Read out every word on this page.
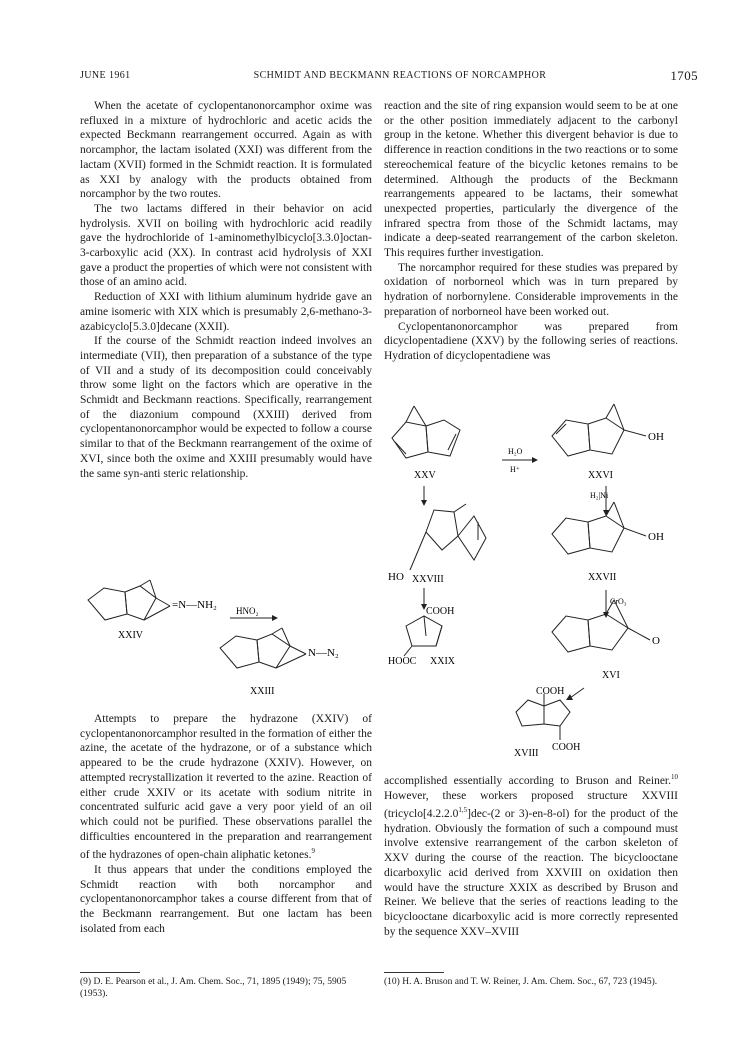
JUNE 1961	SCHMIDT AND BECKMANN REACTIONS OF NORCAMPHOR	1705

When the acetate of cyclopentanonorcamphor oxime was refluxed in a mixture of hydrochloric and acetic acids the expected Beckmann rearrangement occurred. Again as with norcamphor, the lactam isolated (XXI) was different from the lactam (XVII) formed in the Schmidt reaction. It is formulated as XXI by analogy with the products obtained from norcamphor by the two routes.

The two lactams differed in their behavior on acid hydrolysis. XVII on boiling with hydrochloric acid readily gave the hydrochloride of 1-aminomethylbicyclo[3.3.0]octan-3-carboxylic acid (XX). In contrast acid hydrolysis of XXI gave a product the properties of which were not consistent with those of an amino acid.

Reduction of XXI with lithium aluminum hydride gave an amine isomeric with XIX which is presumably 2,6-methano-3-azabicyclo[5.3.0]decane (XXII).

If the course of the Schmidt reaction indeed involves an intermediate (VII), then preparation of a substance of the type of VII and a study of its decomposition could conceivably throw some light on the factors which are operative in the Schmidt and Beckmann reactions. Specifically, rearrangement of the diazonium compound (XXIII) derived from cyclopentanonorcamphor would be expected to follow a course similar to that of the Beckmann rearrangement of the oxime of XVI, since both the oxime and XXIII presumably would have the same syn-anti steric relationship.

=N—NH₂
XXIV
HNO₂
N—N₂
XXIII

Attempts to prepare the hydrazone (XXIV) of cyclopentanonorcamphor resulted in the formation of either the azine, the acetate of the hydrazone, or of a substance which appeared to be the crude hydrazone (XXIV). However, on attempted recrystallization it reverted to the azine. Reaction of either crude XXIV or its acetate with sodium nitrite in concentrated sulfuric acid gave a very poor yield of an oil which could not be purified. These observations parallel the difficulties encountered in the preparation and rearrangement of the hydrazones of open-chain aliphatic ketones.$^9$

It thus appears that under the conditions employed the Schmidt reaction with both norcamphor and cyclopentanonorcamphor takes a course different from that of the Beckmann rearrangement. But one lactam has been isolated from each

reaction and the site of ring expansion would seem to be at one or the other position immediately adjacent to the carbonyl group in the ketone. Whether this divergent behavior is due to difference in reaction conditions in the two reactions or to some stereochemical feature of the bicyclic ketones remains to be determined. Although the products of the Beckmann rearrangements appeared to be lactams, their somewhat unexpected properties, particularly the divergence of the infrared spectra from those of the Schmidt lactams, may indicate a deep-seated rearrangement of the carbon skeleton. This requires further investigation.

The norcamphor required for these studies was prepared by oxidation of norborneol which was in turn prepared by hydration of norbornylene. Considerable improvements in the preparation of norborneol have been worked out.

Cyclopentanonorcamphor was prepared from dicyclopentadiene (XXV) by the following series of reactions. Hydration of dicyclopentadiene was

XXV
H₂O
H⁺
OH
XXVI
H₂|Ni
HO XXVIII
OH
XXVII
COOH
HOOC XXIX
CrO₃
O
XVI
COOH
COOH
XVIII

accomplished essentially according to Bruson and Reiner.$^{10}$ However, these workers proposed structure XXVIII (tricyclo[4.2.2.0$^{1,5}$]dec-(2 or 3)-en-8-ol) for the product of the hydration. Obviously the formation of such a compound must involve extensive rearrangement of the carbon skeleton of XXV during the course of the reaction. The bicyclooctane dicarboxylic acid derived from XXVIII on oxidation then would have the structure XXIX as described by Bruson and Reiner. We believe that the series of reactions leading to the bicyclooctane dicarboxylic acid is more correctly represented by the sequence XXV–XVIII

(9) D. E. Pearson et al., J. Am. Chem. Soc., 71, 1895 (1949); 75, 5905 (1953).
(10) H. A. Bruson and T. W. Reiner, J. Am. Chem. Soc., 67, 723 (1945).
